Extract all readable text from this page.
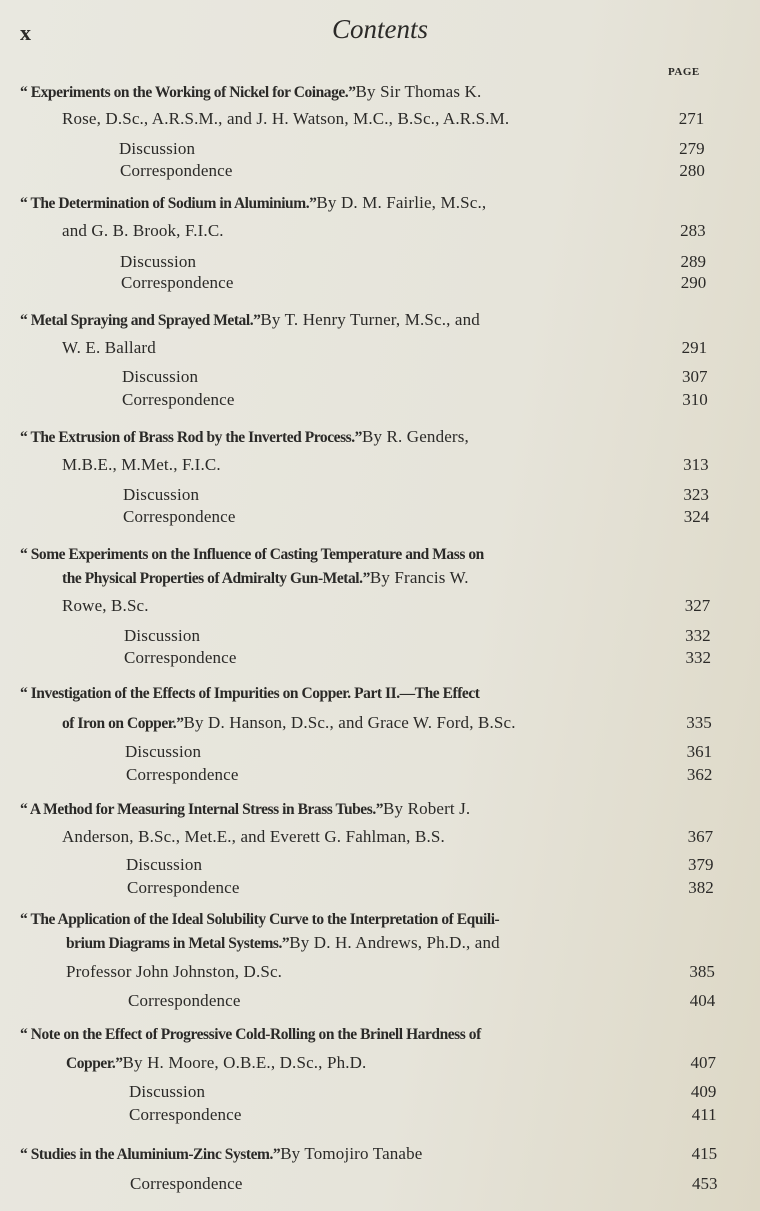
x	Contents
PAGE
“ Experiments on the Working of Nickel for Coinage.” By Sir Thomas K.
Rose, D.Sc., A.R.S.M., and J. H. Watson, M.C., B.Sc., A.R.S.M.	271
Discussion	279
Correspondence	280
“ The Determination of Sodium in Aluminium.” By D. M. Fairlie, M.Sc.,
and G. B. Brook, F.I.C.	283
Discussion	289
Correspondence	290
“ Metal Spraying and Sprayed Metal.” By T. Henry Turner, M.Sc., and
W. E. Ballard	291
Discussion	307
Correspondence	310
“ The Extrusion of Brass Rod by the Inverted Process.” By R. Genders,
M.B.E., M.Met., F.I.C.	313
Discussion	323
Correspondence	324
“ Some Experiments on the Influence of Casting Temperature and Mass on
the Physical Properties of Admiralty Gun-Metal.” By Francis W.
Rowe, B.Sc.	327
Discussion	332
Correspondence	332
“ Investigation of the Effects of Impurities on Copper. Part II.—The Effect
of Iron on Copper.” By D. Hanson, D.Sc., and Grace W. Ford, B.Sc.	335
Discussion	361
Correspondence	362
“ A Method for Measuring Internal Stress in Brass Tubes.” By Robert J.
Anderson, B.Sc., Met.E., and Everett G. Fahlman, B.S.	367
Discussion	379
Correspondence	382
“ The Application of the Ideal Solubility Curve to the Interpretation of Equili-
brium Diagrams in Metal Systems.” By D. H. Andrews, Ph.D., and
Professor John Johnston, D.Sc.	385
Correspondence	404
“ Note on the Effect of Progressive Cold-Rolling on the Brinell Hardness of
Copper.” By H. Moore, O.B.E., D.Sc., Ph.D.	407
Discussion	409
Correspondence	411
“ Studies in the Aluminium-Zinc System.” By Tomojiro Tanabe	415
Correspondence	453
